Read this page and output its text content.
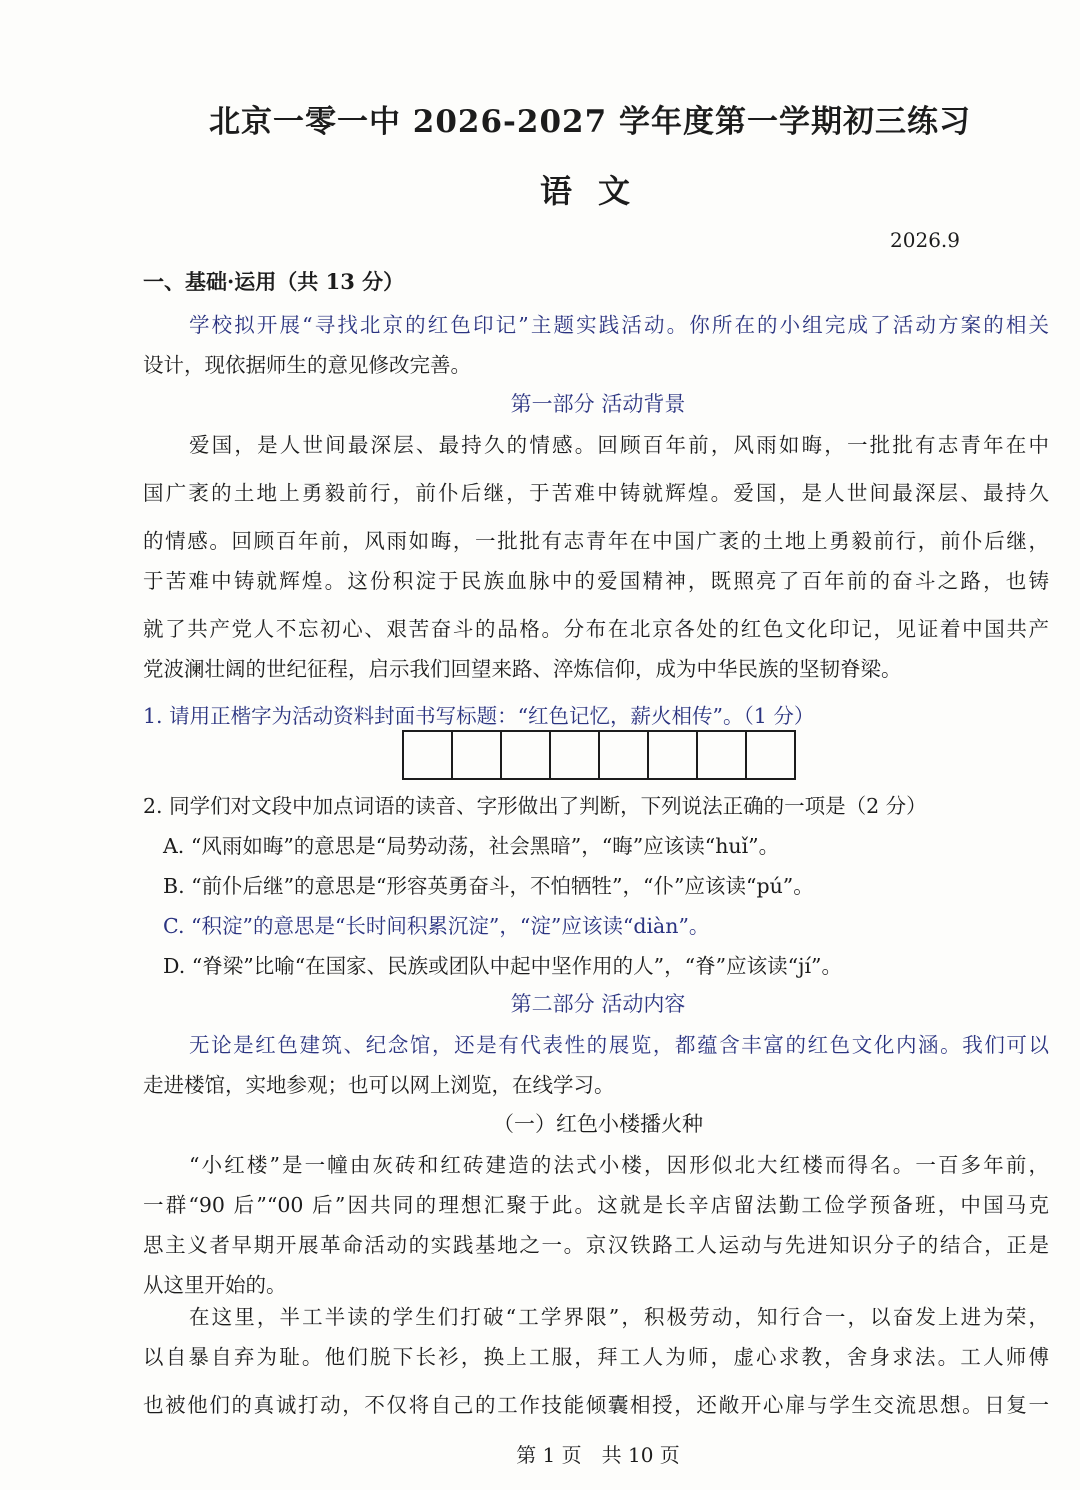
北京一零一中 2026-2027 学年度第一学期初三练习
语文
2026.9
一、基础·运用（共 13 分）
学校拟开展“寻找北京的红色印记”主题实践活动。你所在的小组完成了活动方案的相关
设计，现依据师生的意见修改完善。
第一部分 活动背景
爱国，是人世间最深层、最持久的情感。回顾百年前，风雨如晦，一批批有志青年在中
国广袤的土地上勇毅前行，前仆后继，于苦难中铸就辉煌。爱国，是人世间最深层、最持久
的情感。回顾百年前，风雨如晦，一批批有志青年在中国广袤的土地上勇毅前行，前仆后继，
于苦难中铸就辉煌。这份积淀于民族血脉中的爱国精神，既照亮了百年前的奋斗之路，也铸
就了共产党人不忘初心、艰苦奋斗的品格。分布在北京各处的红色文化印记，见证着中国共产
党波澜壮阔的世纪征程，启示我们回望来路、淬炼信仰，成为中华民族的坚韧脊梁。
1. 请用正楷字为活动资料封面书写标题：“红色记忆，薪火相传”。（1 分）
2. 同学们对文段中加点词语的读音、字形做出了判断，下列说法正确的一项是（2 分）
A. “风雨如晦”的意思是“局势动荡，社会黑暗”，“晦”应该读“huǐ”。
B. “前仆后继”的意思是“形容英勇奋斗，不怕牺牲”，“仆”应该读“pú”。
C. “积淀”的意思是“长时间积累沉淀”，“淀”应该读“diàn”。
D. “脊梁”比喻“在国家、民族或团队中起中坚作用的人”，“脊”应该读“jí”。
第二部分 活动内容
无论是红色建筑、纪念馆，还是有代表性的展览，都蕴含丰富的红色文化内涵。我们可以
走进楼馆，实地参观；也可以网上浏览，在线学习。
（一）红色小楼播火种
“小红楼”是一幢由灰砖和红砖建造的法式小楼，因形似北大红楼而得名。一百多年前，
一群“90 后”“00 后”因共同的理想汇聚于此。这就是长辛店留法勤工俭学预备班，中国马克
思主义者早期开展革命活动的实践基地之一。京汉铁路工人运动与先进知识分子的结合，正是
从这里开始的。
在这里，半工半读的学生们打破“工学界限”，积极劳动，知行合一，以奋发上进为荣，
以自暴自弃为耻。他们脱下长衫，换上工服，拜工人为师，虚心求教，舍身求法。工人师傅
也被他们的真诚打动，不仅将自己的工作技能倾囊相授，还敞开心扉与学生交流思想。日复一
第 1 页　共 10 页
